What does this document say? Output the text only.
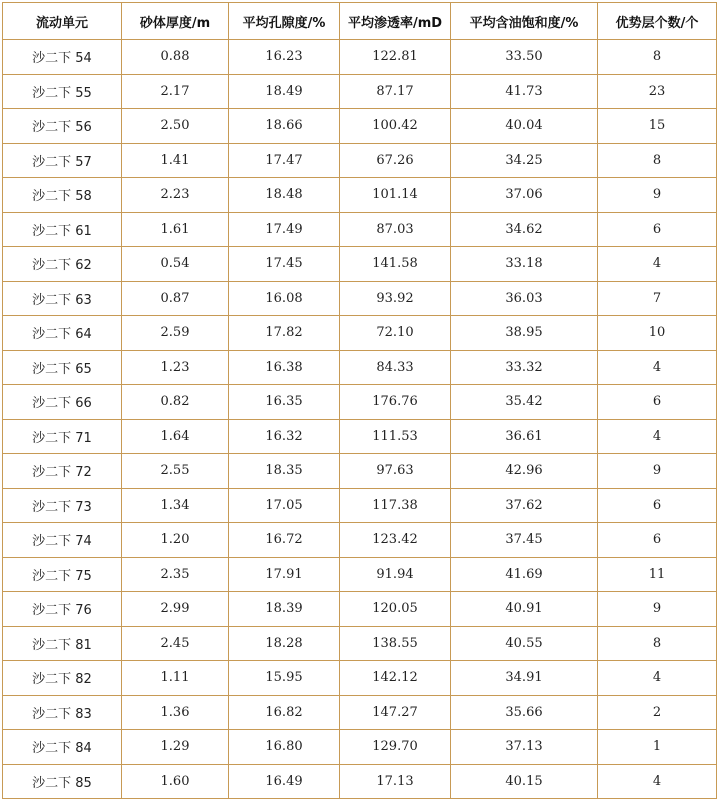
流动单元	砂体厚度/m	平均孔隙度/%	平均渗透率/mD	平均含油饱和度/%	优势层个数/个
沙二下 54	0.88	16.23	122.81	33.50	8
沙二下 55	2.17	18.49	87.17	41.73	23
沙二下 56	2.50	18.66	100.42	40.04	15
沙二下 57	1.41	17.47	67.26	34.25	8
沙二下 58	2.23	18.48	101.14	37.06	9
沙二下 61	1.61	17.49	87.03	34.62	6
沙二下 62	0.54	17.45	141.58	33.18	4
沙二下 63	0.87	16.08	93.92	36.03	7
沙二下 64	2.59	17.82	72.10	38.95	10
沙二下 65	1.23	16.38	84.33	33.32	4
沙二下 66	0.82	16.35	176.76	35.42	6
沙二下 71	1.64	16.32	111.53	36.61	4
沙二下 72	2.55	18.35	97.63	42.96	9
沙二下 73	1.34	17.05	117.38	37.62	6
沙二下 74	1.20	16.72	123.42	37.45	6
沙二下 75	2.35	17.91	91.94	41.69	11
沙二下 76	2.99	18.39	120.05	40.91	9
沙二下 81	2.45	18.28	138.55	40.55	8
沙二下 82	1.11	15.95	142.12	34.91	4
沙二下 83	1.36	16.82	147.27	35.66	2
沙二下 84	1.29	16.80	129.70	37.13	1
沙二下 85	1.60	16.49	17.13	40.15	4
